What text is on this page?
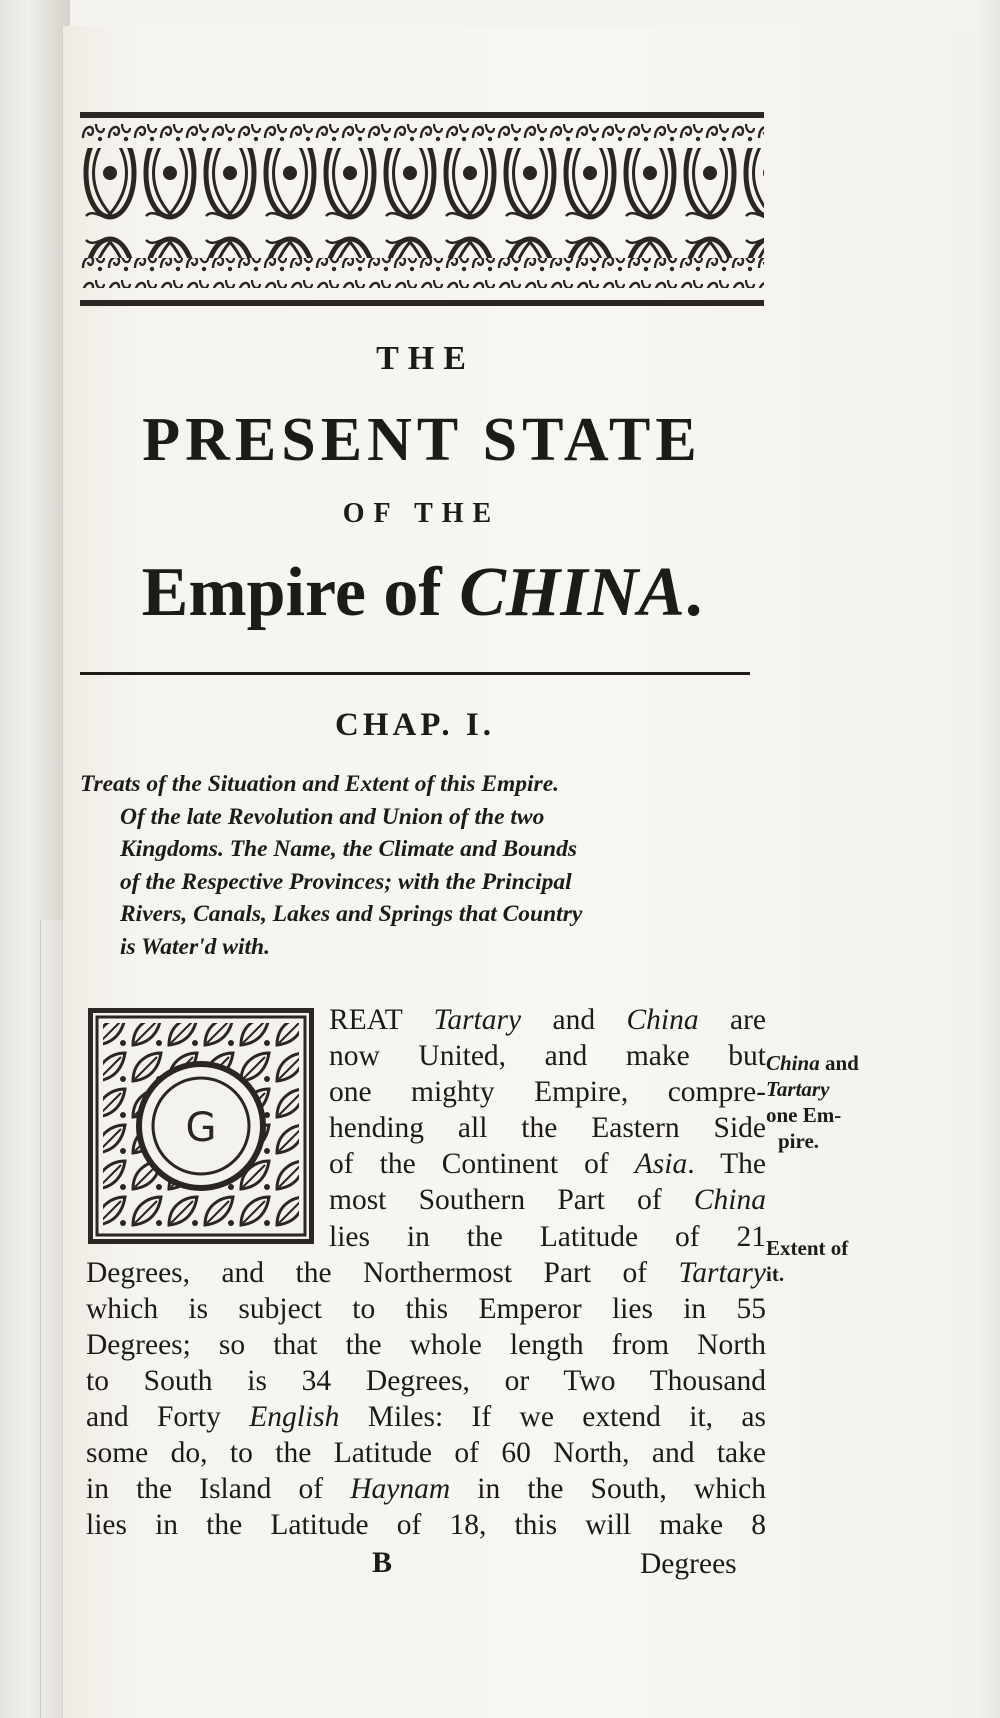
THE
PRESENT STATE
OF THE
Empire of CHINA.
CHAP. I.
Treats of the Situation and Extent of this Empire.
Of the late Revolution and Union of the two
Kingdoms. The Name, the Climate and Bounds
of the Respective Provinces; with the Principal
Rivers, Canals, Lakes and Springs that Country
is Water'd with.
G
REAT Tartary and China are
now United, and make but
one mighty Empire, compre-
hending all the Eastern Side
of the Continent of Asia. The
most Southern Part of China
lies in the Latitude of 21
Degrees, and the Northermost Part of Tartary
which is subject to this Emperor lies in 55
Degrees; so that the whole length from North
to South is 34 Degrees, or Two Thousand
and Forty English Miles: If we extend it, as
some do, to the Latitude of 60 North, and take
in the Island of Haynam in the South, which
lies in the Latitude of 18, this will make 8
China and
Tartary
one Em-
pire.
Extent of
it.
B	Degrees
